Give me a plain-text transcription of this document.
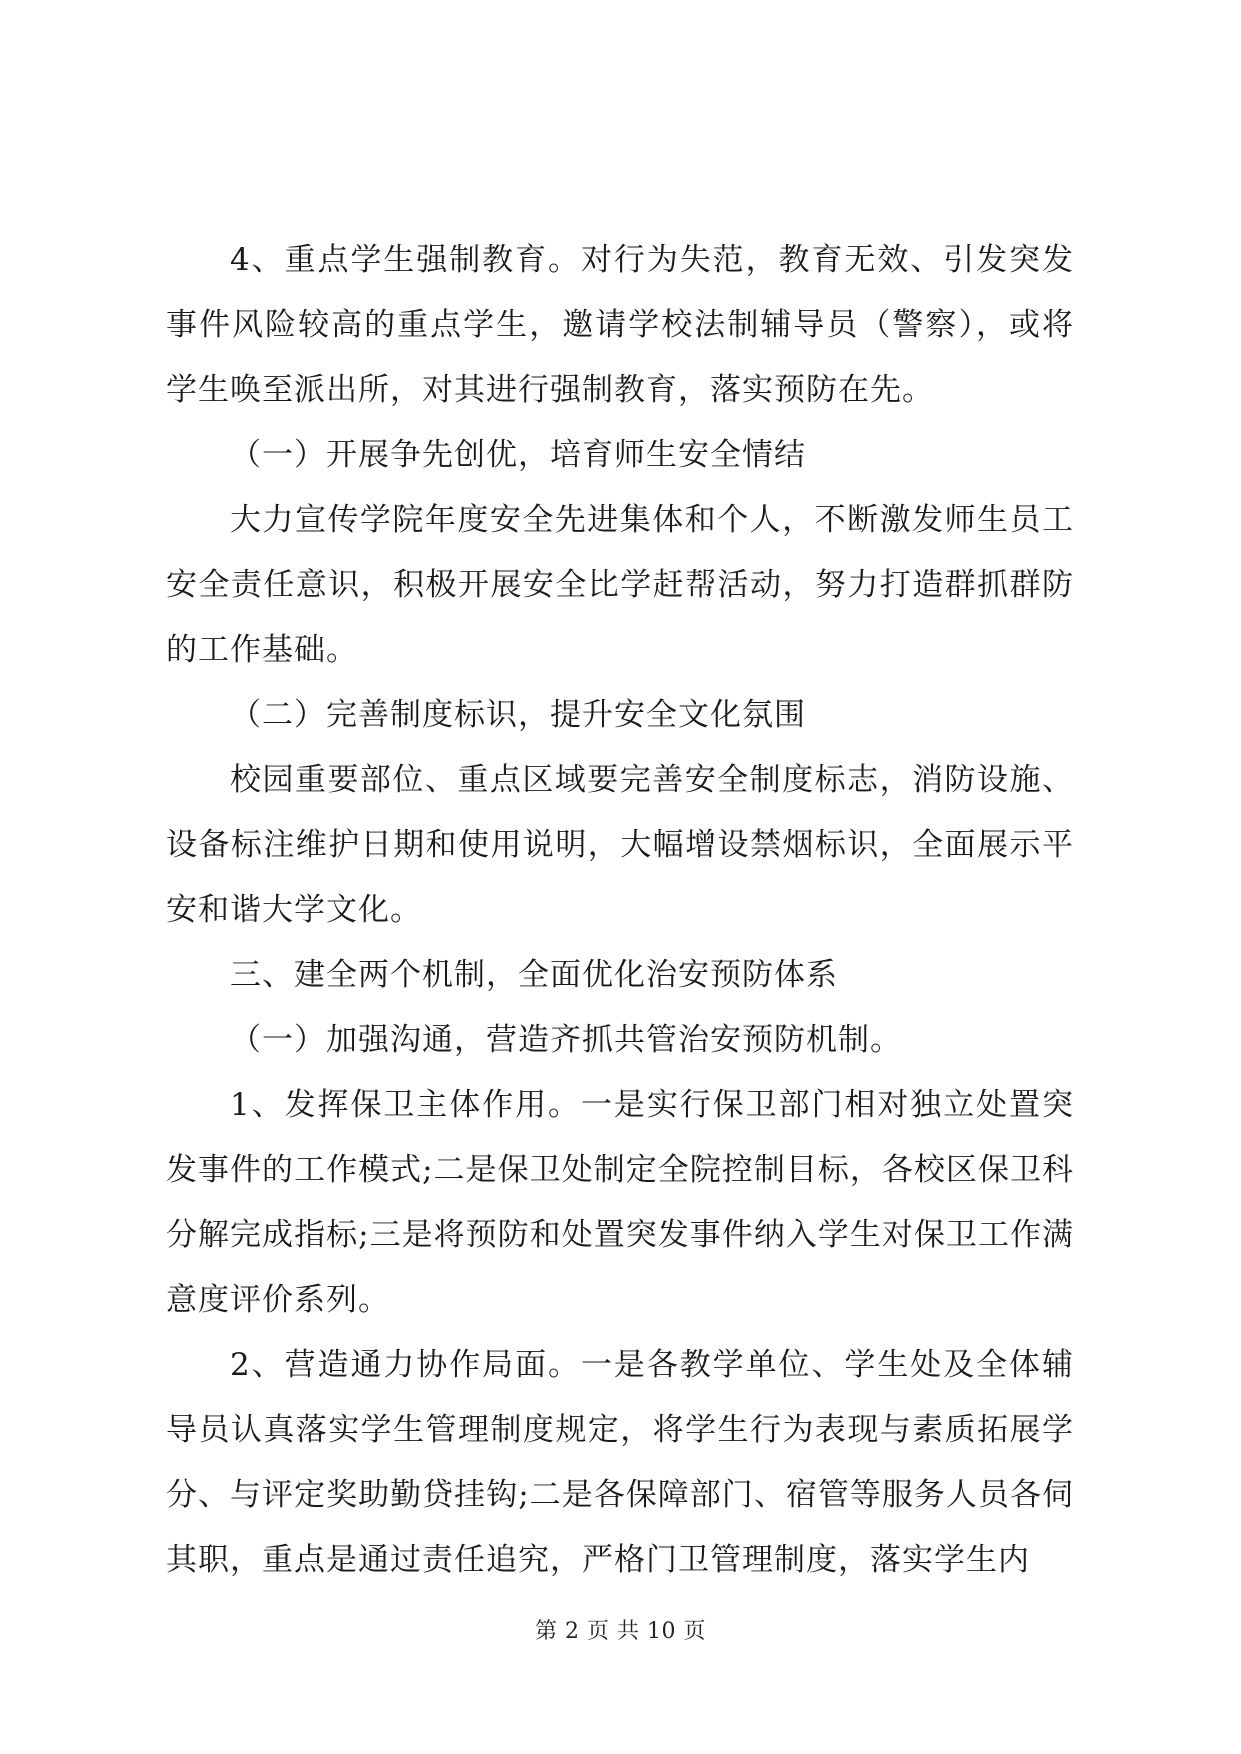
4、重点学生强制教育。对行为失范，教育无效、引发突发事件风险较高的重点学生，邀请学校法制辅导员（警察），或将学生唤至派出所，对其进行强制教育，落实预防在先。

（一）开展争先创优，培育师生安全情结

大力宣传学院年度安全先进集体和个人，不断激发师生员工安全责任意识，积极开展安全比学赶帮活动，努力打造群抓群防的工作基础。

（二）完善制度标识，提升安全文化氛围

校园重要部位、重点区域要完善安全制度标志，消防设施、设备标注维护日期和使用说明，大幅增设禁烟标识，全面展示平安和谐大学文化。

三、建全两个机制，全面优化治安预防体系

（一）加强沟通，营造齐抓共管治安预防机制。

1、发挥保卫主体作用。一是实行保卫部门相对独立处置突发事件的工作模式;二是保卫处制定全院控制目标，各校区保卫科分解完成指标;三是将预防和处置突发事件纳入学生对保卫工作满意度评价系列。

2、营造通力协作局面。一是各教学单位、学生处及全体辅导员认真落实学生管理制度规定，将学生行为表现与素质拓展学分、与评定奖助勤贷挂钩;二是各保障部门、宿管等服务人员各伺其职，重点是通过责任追究，严格门卫管理制度，落实学生内

第 2 页 共 10 页
